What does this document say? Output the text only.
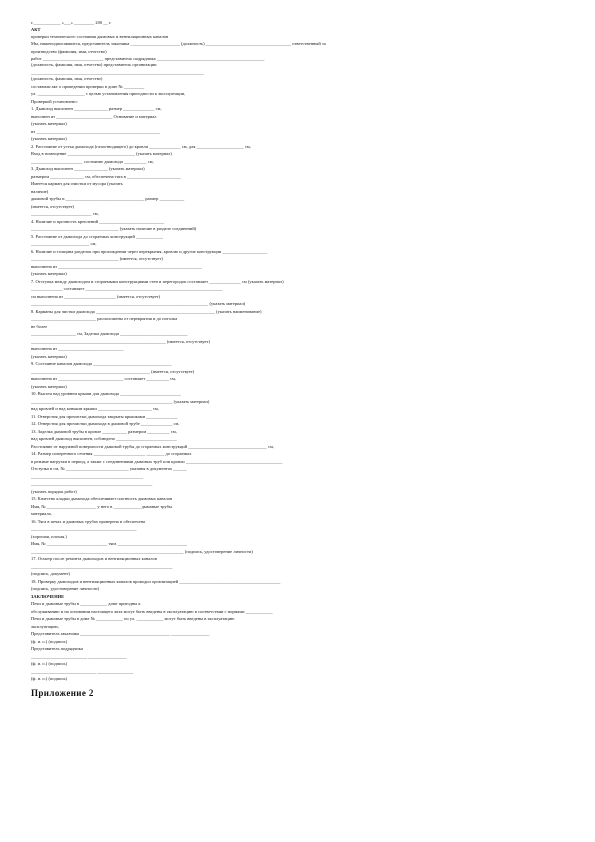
г.____________ «___» _________ 200 __ г.
АКТ
проверки технического состояния дымовых и вентиляционных каналов
Мы, нижеподписавшиеся, представитель заказчика ______________________ (должность) ______________________________________ ответственный за
производство (фамилия, имя, отчество)
работ ___________________________ представитель подрядчика ________________________________________________
(должность, фамилия, имя, отчество) представитель организации
_____________________________________________________________________________
(должность, фамилия, имя, отчество)
составили акт о проведении проверки в доме № _________
ул. _____________________ с целью установления пригодности к эксплуатации,
Проверкой установлено:
1. Дымоход выполнен _______________ размер ______________ см,
выполнен из _________________________ Основание и материал
(указать материал)
из _______________________________________________________
(указать материал)
2. Расстояние от устья дымохода (газоотводящего) до кровли ______________ см, для _____________________ см,
Вход в помещение ______________________________ (указать материал)
_______________________ состояние дымохода __________ см,
3. Дымоход выполнен _______________ (указать материал)
размером _______________ см, обеспечена тяга в ________________________
Имеется карман для очистки от мусора (указать
наличие)
дымовой трубы и ___________________________________ размер ___________
(имеется, отсутствует)
___________________________ см,
4. Наличие и прочность креплений _____________________________
_______________________________________ (указать наличие в разделе соединений)
5. Расстояние от дымохода до сгораемых конструкций ____________
__________________________ см,
6. Наличие и толщина разделок при прохождении через перекрытия, кровлю и другие конструкции ____________________
_______________________________________ (имеется, отсутствует)
выполнена из ________________________________________________________________
(указать материал)
7. Отступка между дымоходом и сгораемыми конструкциями стен и перегородок составляет ______________ см (указать материал)
______________ составляет _____________________________________________________________
см выполнена из _______________________ (имеется, отсутствует)
_______________________________________________________________________________ (указать материал)
8. Карманы для чистки дымохода _____________________________________________________ (указать наименование)
_____________________________ расположены от перекрытия и до потолка
не более
____________________ см, Заделка дымохода ______________________________
____________________________________________________________ (имеется, отсутствует)
выполнена из _____________________________
(указать материал)
9. Состояние каналов дымохода ___________________________________
_____________________________________________________ (имеется, отсутствует)
выполнена из _____________________________ составляет __________ см,
(указать материал)
10. Высота над уровнем крыши для дымохода ___________________________
_______________________________________________________________ (указать материал)
над кровлей и над коньком крыши ________________________ см,
11. Отверстия для прочистки дымохода закрыты крышками ______________
12. Отверстия для прочистки дымохода в дымовой трубе ______________ см,
13. Заделка дымовой трубы в кровле ___________ размером __________ см,
над кровлей дымоход выполнен, соблюдено ___________________________
Расстояние от наружной поверхности дымовой трубы до сгораемых конструкций ___________________________________ см,
14. Размер поперечного сечения _______________________ ________ до сгораемых
в режиме нагрузки в период, а также с соединениями дымовых труб или кровли ___________________________________________
Отступка в см, № ____________________________ указаны в документах ______
__________________________________________________
______________________________________________________
(указать порядок работ)
15. Качество кладки дымохода обеспечивает плотность дымовых каналов
Имя, № ______________________ у него в ____________ дымовые трубы
материала,
16. Тяга в печах и дымовых трубах проверена и обеспечена
_______________________________________________
(хорошая, плохая.)
Имя, № ___________________________ тяга _______________________________
____________________________________________________________________ (подпись, удостоверение личности)
17. Осмотр после ремонта дымоходов и вентиляционных каналов
_______________________________________________________________
(подпись, документ)
18. Проверку дымоходов и вентиляционных каналов проводил организацией _____________________________________________
(подпись, удостоверение личности)
ЗАКЛЮЧЕНИЕ
Печи и дымовые трубы в ____________ доме пригодны к
обслуживанию и на основании настоящего акта могут быть введены в эксплуатацию в соответствии с нормами ____________
Печи и дымовые трубы в доме № ____________ по ул. ____________ могут быть введены в эксплуатацию
эксплуатацию,
Представитель заказчика ________________________________________ _________________
(ф. и. о.) (подпись)
Представитель подрядчика
_________________________ _________________
(ф. и. о.) (подпись)
_____________________________ ________________
(ф. и. о.) (подпись)
Приложение 2
